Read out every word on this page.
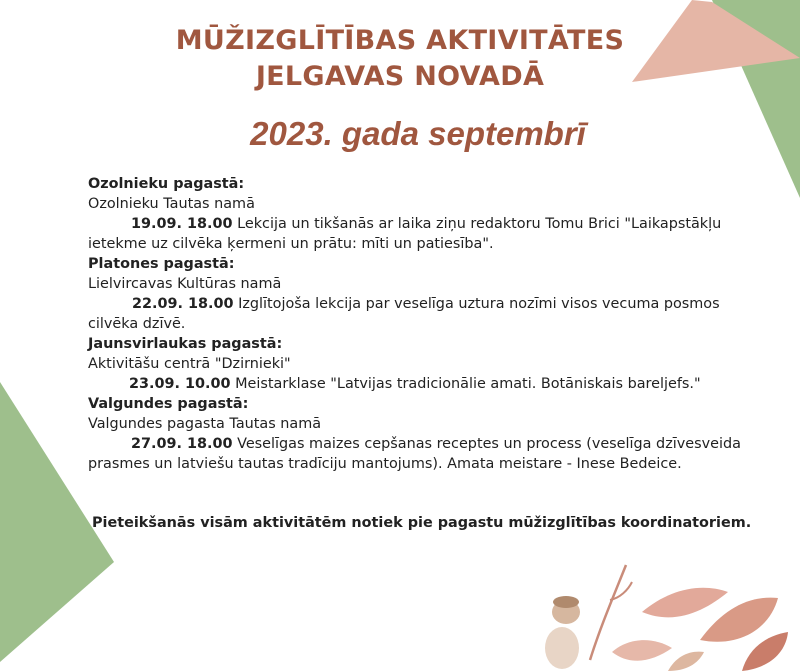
MŪŽIZGLĪTĪBAS AKTIVITĀTES
JELGAVAS NOVADĀ
2023. gada septembrī
Ozolnieku pagastā:
Ozolnieku Tautas namā
19.09. 18.00 Lekcija un tikšanās ar laika ziņu redaktoru Tomu Brici "Laikapstākļu
ietekme uz cilvēka ķermeni un prātu: mīti un patiesība".
Platones pagastā:
Lielvircavas Kultūras namā
22.09. 18.00 Izglītojoša lekcija par veselīga uztura nozīmi visos vecuma posmos
cilvēka dzīvē.
Jaunsvirlaukas pagastā:
Aktivitāšu centrā "Dzirnieki"
23.09. 10.00 Meistarklase "Latvijas tradicionālie amati. Botāniskais bareljefs."
Valgundes pagastā:
Valgundes pagasta Tautas namā
27.09. 18.00 Veselīgas maizes cepšanas receptes un process (veselīga dzīvesveida
prasmes un latviešu tautas tradīciju mantojums). Amata meistare - Inese Bedeice.
Pieteikšanās visām aktivitātēm notiek pie pagastu mūžizglītības koordinatoriem.
